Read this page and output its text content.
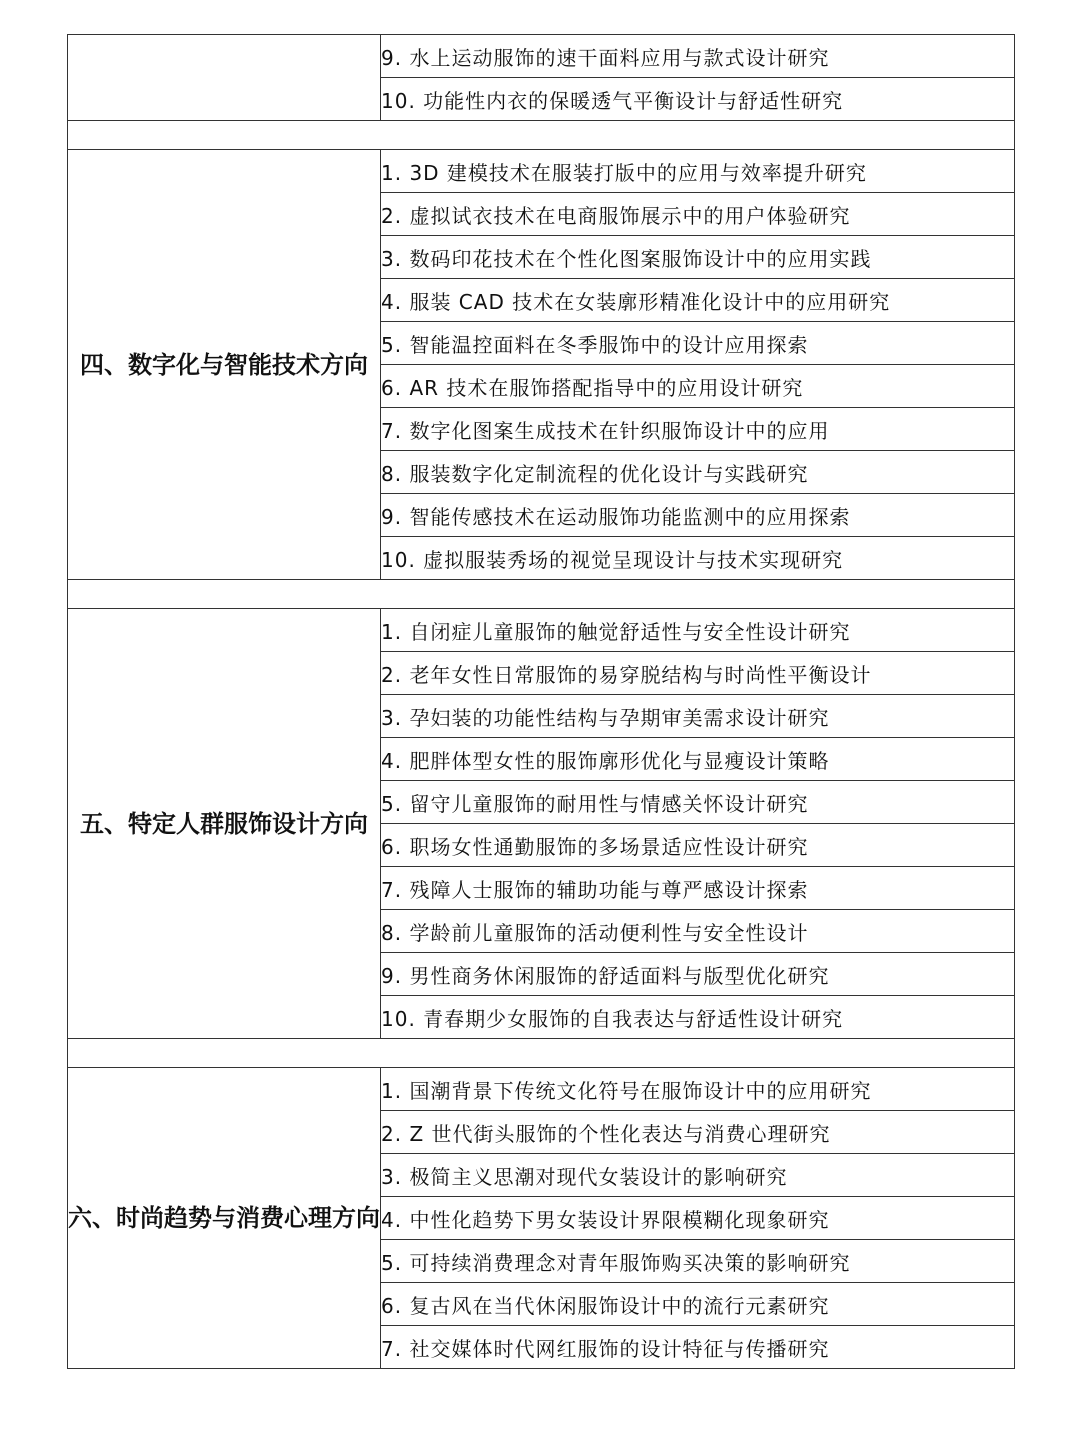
	9. 水上运动服饰的速干面料应用与款式设计研究
	10. 功能性内衣的保暖透气平衡设计与舒适性研究

四、数字化与智能技术方向	1. 3D 建模技术在服装打版中的应用与效率提升研究
	2. 虚拟试衣技术在电商服饰展示中的用户体验研究
	3. 数码印花技术在个性化图案服饰设计中的应用实践
	4. 服装 CAD 技术在女装廓形精准化设计中的应用研究
	5. 智能温控面料在冬季服饰中的设计应用探索
	6. AR 技术在服饰搭配指导中的应用设计研究
	7. 数字化图案生成技术在针织服饰设计中的应用
	8. 服装数字化定制流程的优化设计与实践研究
	9. 智能传感技术在运动服饰功能监测中的应用探索
	10. 虚拟服装秀场的视觉呈现设计与技术实现研究

五、特定人群服饰设计方向	1. 自闭症儿童服饰的触觉舒适性与安全性设计研究
	2. 老年女性日常服饰的易穿脱结构与时尚性平衡设计
	3. 孕妇装的功能性结构与孕期审美需求设计研究
	4. 肥胖体型女性的服饰廓形优化与显瘦设计策略
	5. 留守儿童服饰的耐用性与情感关怀设计研究
	6. 职场女性通勤服饰的多场景适应性设计研究
	7. 残障人士服饰的辅助功能与尊严感设计探索
	8. 学龄前儿童服饰的活动便利性与安全性设计
	9. 男性商务休闲服饰的舒适面料与版型优化研究
	10. 青春期少女服饰的自我表达与舒适性设计研究

六、时尚趋势与消费心理方向	1. 国潮背景下传统文化符号在服饰设计中的应用研究
	2. Z 世代街头服饰的个性化表达与消费心理研究
	3. 极简主义思潮对现代女装设计的影响研究
	4. 中性化趋势下男女装设计界限模糊化现象研究
	5. 可持续消费理念对青年服饰购买决策的影响研究
	6. 复古风在当代休闲服饰设计中的流行元素研究
	7. 社交媒体时代网红服饰的设计特征与传播研究
